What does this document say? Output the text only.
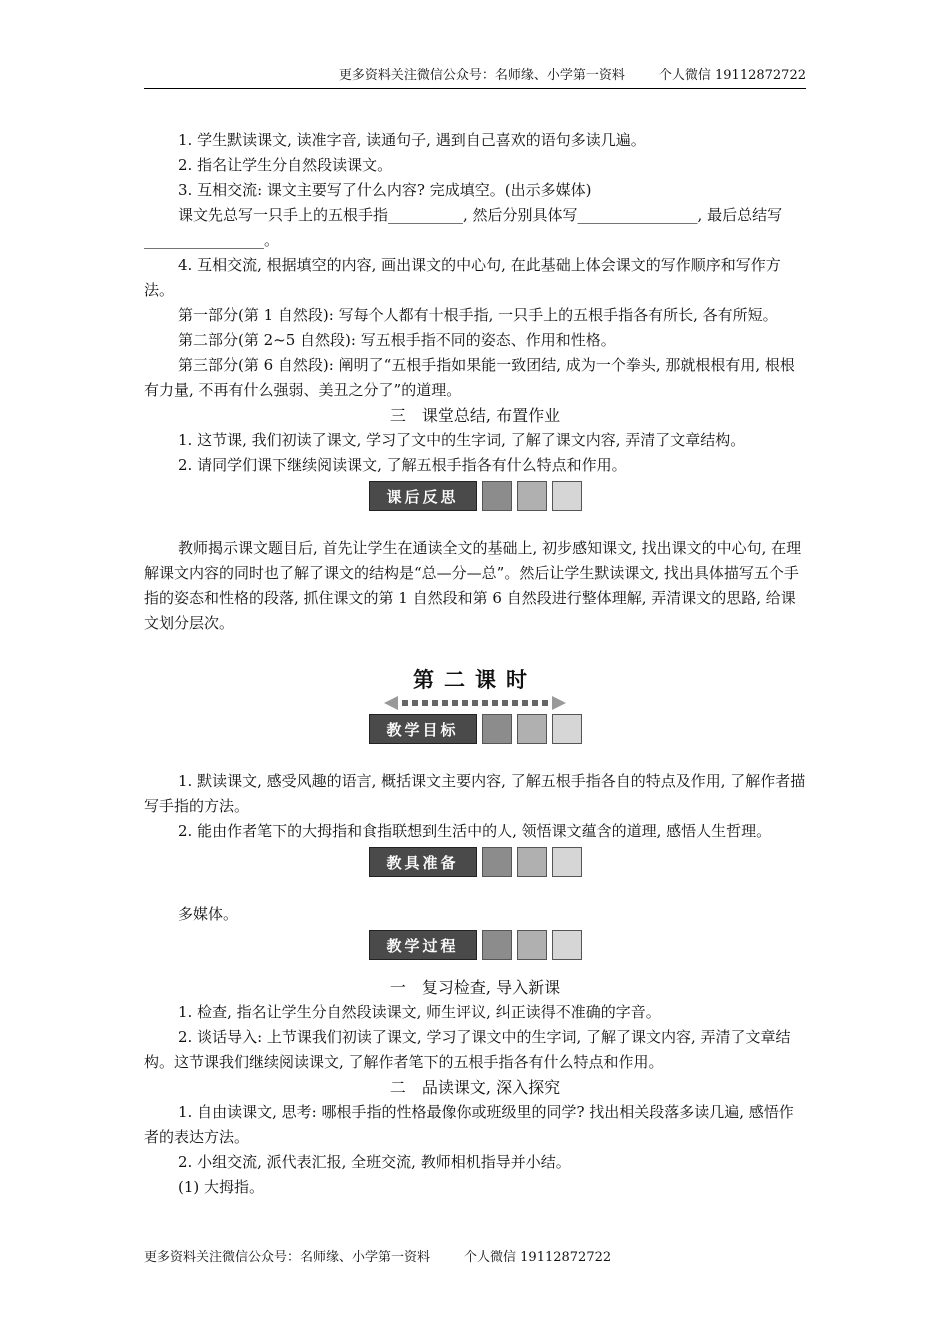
更多资料关注微信公众号：名师缘、小学第一资料	个人微信 19112872722

1. 学生默读课文, 读准字音, 读通句子, 遇到自己喜欢的语句多读几遍。

2. 指名让学生分自然段读课文。

3. 互相交流: 课文主要写了什么内容? 完成填空。(出示多媒体)

课文先总写一只手上的五根手指__________, 然后分别具体写________________, 最后总结写________________。

4. 互相交流, 根据填空的内容, 画出课文的中心句, 在此基础上体会课文的写作顺序和写作方法。

第一部分(第 1 自然段): 写每个人都有十根手指, 一只手上的五根手指各有所长, 各有所短。

第二部分(第 2~5 自然段): 写五根手指不同的姿态、作用和性格。

第三部分(第 6 自然段): 阐明了“五根手指如果能一致团结, 成为一个拳头, 那就根根有用, 根根有力量, 不再有什么强弱、美丑之分了”的道理。

三　课堂总结, 布置作业

1. 这节课, 我们初读了课文, 学习了文中的生字词, 了解了课文内容, 弄清了文章结构。

2. 请同学们课下继续阅读课文, 了解五根手指各有什么特点和作用。

课后反思

教师揭示课文题目后, 首先让学生在通读全文的基础上, 初步感知课文, 找出课文的中心句, 在理解课文内容的同时也了解了课文的结构是“总—分—总”。然后让学生默读课文, 找出具体描写五个手指的姿态和性格的段落, 抓住课文的第 1 自然段和第 6 自然段进行整体理解, 弄清课文的思路, 给课文划分层次。

第二课时
教学目标

1. 默读课文, 感受风趣的语言, 概括课文主要内容, 了解五根手指各自的特点及作用, 了解作者描写手指的方法。

2. 能由作者笔下的大拇指和食指联想到生活中的人, 领悟课文蕴含的道理, 感悟人生哲理。

教具准备

多媒体。

教学过程

一　复习检查, 导入新课

1. 检查, 指名让学生分自然段读课文, 师生评议, 纠正读得不准确的字音。

2. 谈话导入: 上节课我们初读了课文, 学习了课文中的生字词, 了解了课文内容, 弄清了文章结构。这节课我们继续阅读课文, 了解作者笔下的五根手指各有什么特点和作用。

二　品读课文, 深入探究

1. 自由读课文, 思考: 哪根手指的性格最像你或班级里的同学? 找出相关段落多读几遍, 感悟作者的表达方法。

2. 小组交流, 派代表汇报, 全班交流, 教师相机指导并小结。

(1) 大拇指。

更多资料关注微信公众号：名师缘、小学第一资料	个人微信 19112872722
